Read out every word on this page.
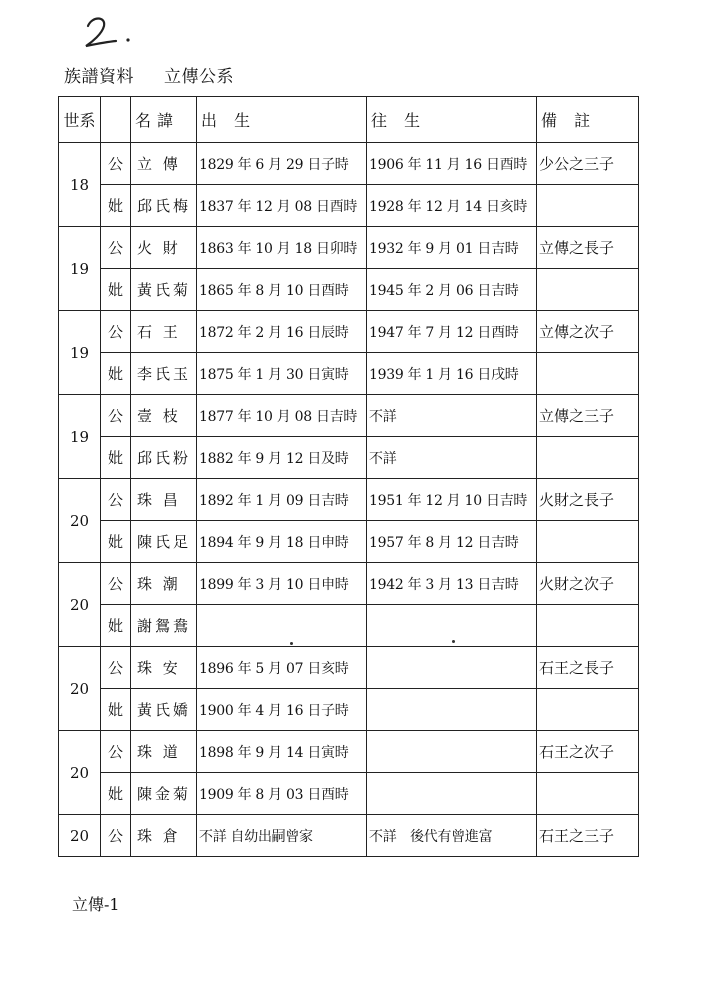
族譜資料 立傳公系
世系		名諱	出 生	往 生	備 註
18	公	立 傳	1829 年 6 月 29 日子時	1906 年 11 月 16 日酉時	少公之三子
	妣	邱氏梅	1837 年 12 月 08 日酉時	1928 年 12 月 14 日亥時	
19	公	火 財	1863 年 10 月 18 日卯時	1932 年 9 月 01 日吉時	立傳之長子
	妣	黃氏菊	1865 年 8 月 10 日酉時	1945 年 2 月 06 日吉時	
19	公	石 王	1872 年 2 月 16 日辰時	1947 年 7 月 12 日酉時	立傳之次子
	妣	李氏玉	1875 年 1 月 30 日寅時	1939 年 1 月 16 日戌時	
19	公	壹 枝	1877 年 10 月 08 日吉時	不詳	立傳之三子
	妣	邱氏粉	1882 年 9 月 12 日及時	不詳	
20	公	珠 昌	1892 年 1 月 09 日吉時	1951 年 12 月 10 日吉時	火財之長子
	妣	陳氏足	1894 年 9 月 18 日申時	1957 年 8 月 12 日吉時	
20	公	珠 潮	1899 年 3 月 10 日申時	1942 年 3 月 13 日吉時	火財之次子
	妣	謝鴛鴦			
20	公	珠 安	1896 年 5 月 07 日亥時		石王之長子
	妣	黃氏嬌	1900 年 4 月 16 日子時		
20	公	珠 道	1898 年 9 月 14 日寅時		石王之次子
	妣	陳金菊	1909 年 8 月 03 日酉時		
20	公	珠 倉	不詳 自幼出嗣曾家	不詳　後代有曾進富	石王之三子
立傳-1
